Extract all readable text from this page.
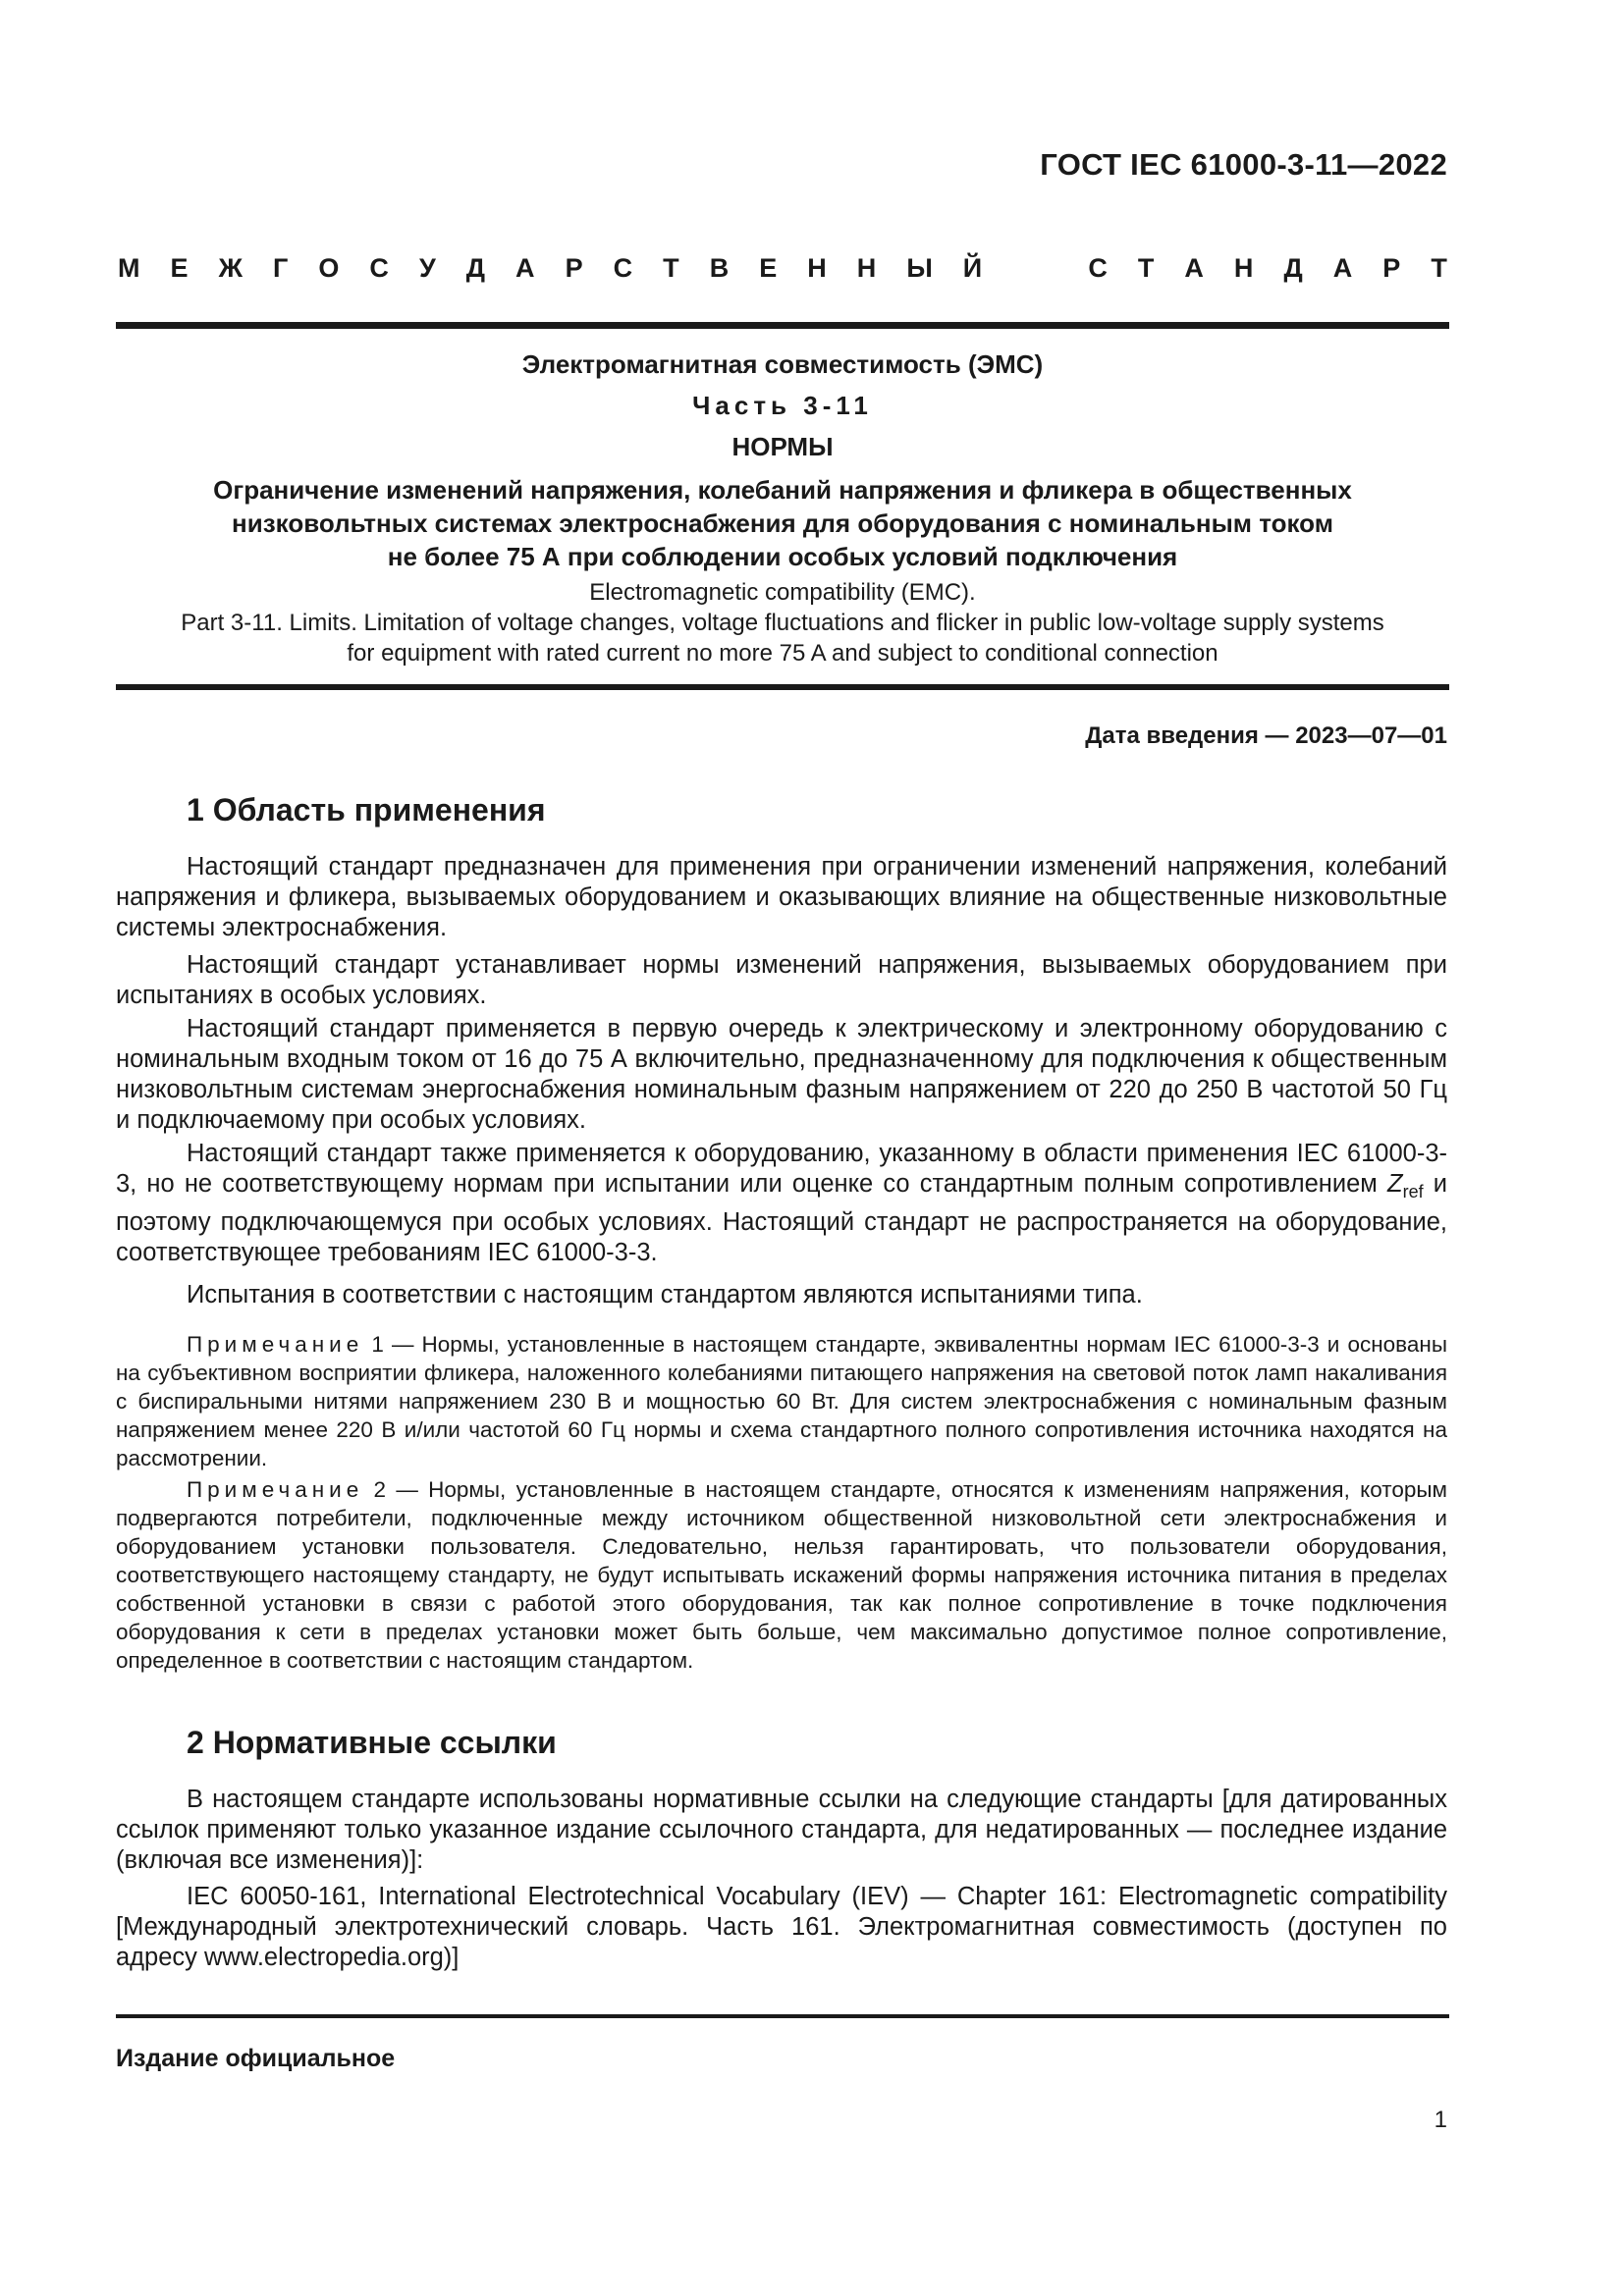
ГОСТ IEC 61000-3-11—2022
М Е Ж Г О С У Д А Р С Т В Е Н Н Ы Й

	С Т А Н Д А Р Т
Электромагнитная совместимость (ЭМС)
Часть 3-11
НОРМЫ
Ограничение изменений напряжения, колебаний напряжения и фликера в общественных
низковольтных системах электроснабжения для оборудования с номинальным током
не более 75 А при соблюдении особых условий подключения
Electromagnetic compatibility (EMC).
Part 3-11. Limits. Limitation of voltage changes, voltage fluctuations and flicker in public low-voltage supply systems
for equipment with rated current no more 75 A and subject to conditional connection
Дата введения — 2023—07—01
1 Область применения
Настоящий стандарт предназначен для применения при ограничении изменений напряжения, колебаний напряжения и фликера, вызываемых оборудованием и оказывающих влияние на общественные низковольтные системы электроснабжения.
Настоящий стандарт устанавливает нормы изменений напряжения, вызываемых оборудованием при испытаниях в особых условиях.
Настоящий стандарт применяется в первую очередь к электрическому и электронному оборудованию с номинальным входным током от 16 до 75 А включительно, предназначенному для подключения к общественным низковольтным системам энергоснабжения номинальным фазным напряжением от 220 до 250 В частотой 50 Гц и подключаемому при особых условиях.
Настоящий стандарт также применяется к оборудованию, указанному в области применения IEC 61000-3-3, но не соответствующему нормам при испытании или оценке со стандартным полным сопротивлением $Z_{ref}$ и поэтому подключающемуся при особых условиях. Настоящий стандарт не распространяется на оборудование, соответствующее требованиям IEC 61000-3-3.
Испытания в соответствии с настоящим стандартом являются испытаниями типа.
Примечание 1 — Нормы, установленные в настоящем стандарте, эквивалентны нормам IEC 61000-3-3 и основаны на субъективном восприятии фликера, наложенного колебаниями питающего напряжения на световой поток ламп накаливания с биспиральными нитями напряжением 230 В и мощностью 60 Вт. Для систем электроснабжения с номинальным фазным напряжением менее 220 В и/или частотой 60 Гц нормы и схема стандартного полного сопротивления источника находятся на рассмотрении.
Примечание 2 — Нормы, установленные в настоящем стандарте, относятся к изменениям напряжения, которым подвергаются потребители, подключенные между источником общественной низковольтной сети электроснабжения и оборудованием установки пользователя. Следовательно, нельзя гарантировать, что пользователи оборудования, соответствующего настоящему стандарту, не будут испытывать искажений формы напряжения источника питания в пределах собственной установки в связи с работой этого оборудования, так как полное сопротивление в точке подключения оборудования к сети в пределах установки может быть больше, чем максимально допустимое полное сопротивление, определенное в соответствии с настоящим стандартом.
2 Нормативные ссылки
В настоящем стандарте использованы нормативные ссылки на следующие стандарты [для датированных ссылок применяют только указанное издание ссылочного стандарта, для недатированных — последнее издание (включая все изменения)]:
IEC 60050-161, International Electrotechnical Vocabulary (IEV) — Chapter 161: Electromagnetic compatibility [Международный электротехнический словарь. Часть 161. Электромагнитная совместимость (доступен по адресу www.electropedia.org)]
Издание официальное
1
